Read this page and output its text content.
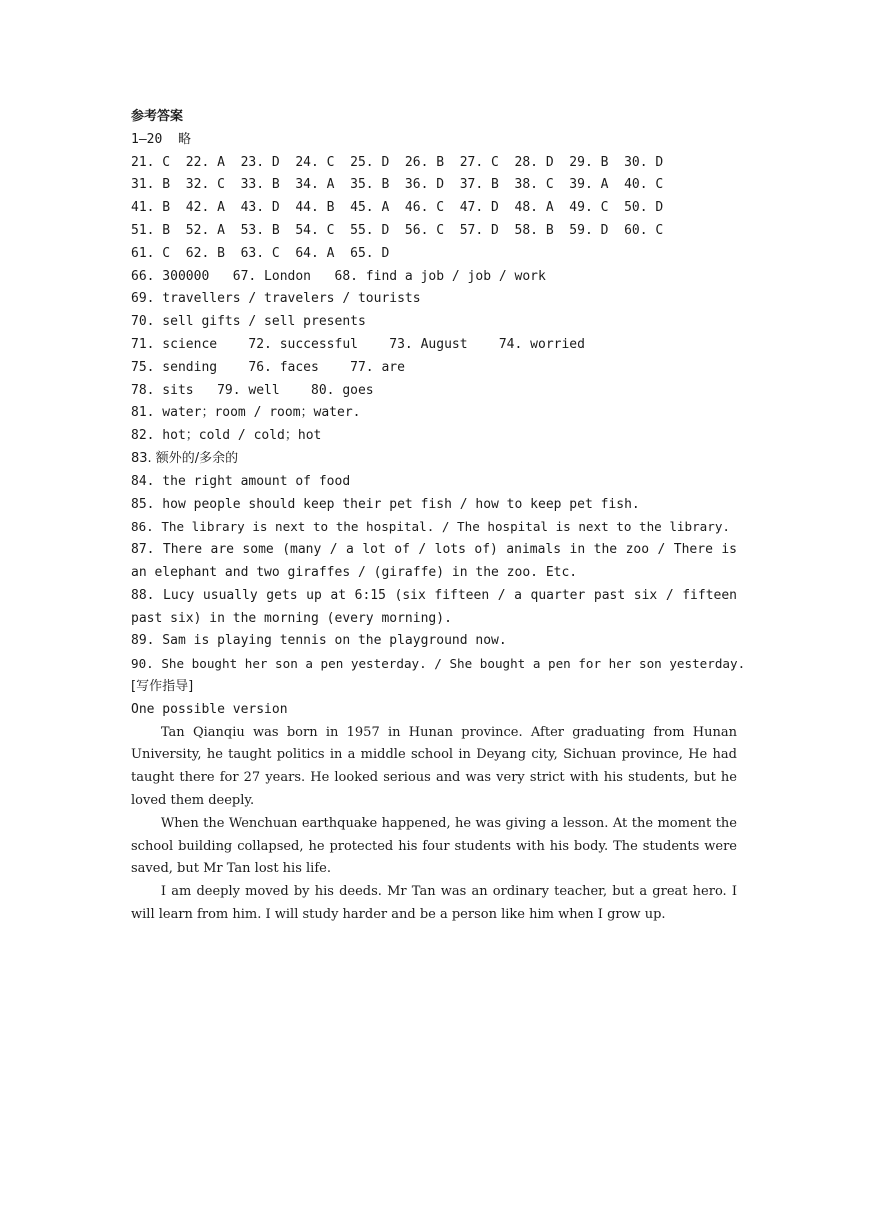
参考答案
1—20  略
21. C  22. A  23. D  24. C  25. D  26. B  27. C  28. D  29. B  30. D
31. B  32. C  33. B  34. A  35. B  36. D  37. B  38. C  39. A  40. C
41. B  42. A  43. D  44. B  45. A  46. C  47. D  48. A  49. C  50. D
51. B  52. A  53. B  54. C  55. D  56. C  57. D  58. B  59. D  60. C
61. C  62. B  63. C  64. A  65. D
66. 300000   67. London   68. find a job / job / work
69. travellers / travelers / tourists
70. sell gifts / sell presents
71. science    72. successful    73. August    74. worried
75. sending    76. faces    77. are
78. sits   79. well    80. goes
81. water；room / room；water.
82. hot；cold / cold；hot
83. 额外的/多余的
84. the right amount of food
85. how people should keep their pet fish / how to keep pet fish.
86. The library is next to the hospital. / The hospital is next to the library.
87. There are some (many / a lot of / lots of) animals in the zoo / There is an elephant and two giraffes / (giraffe) in the zoo. Etc.
88. Lucy usually gets up at 6:15 (six fifteen / a quarter past six / fifteen past six) in the morning (every morning).
89. Sam is playing tennis on the playground now.
90. She bought her son a pen yesterday. / She bought a pen for her son yesterday.
[写作指导]
One possible version

Tan Qianqiu was born in 1957 in Hunan province. After graduating from Hunan University, he taught politics in a middle school in Deyang city, Sichuan province, He had taught there for 27 years. He looked serious and was very strict with his students, but he loved them deeply.

When the Wenchuan earthquake happened, he was giving a lesson. At the moment the school building collapsed, he protected his four students with his body. The students were saved, but Mr Tan lost his life.

I am deeply moved by his deeds. Mr Tan was an ordinary teacher, but a great hero. I will learn from him. I will study harder and be a person like him when I grow up.
